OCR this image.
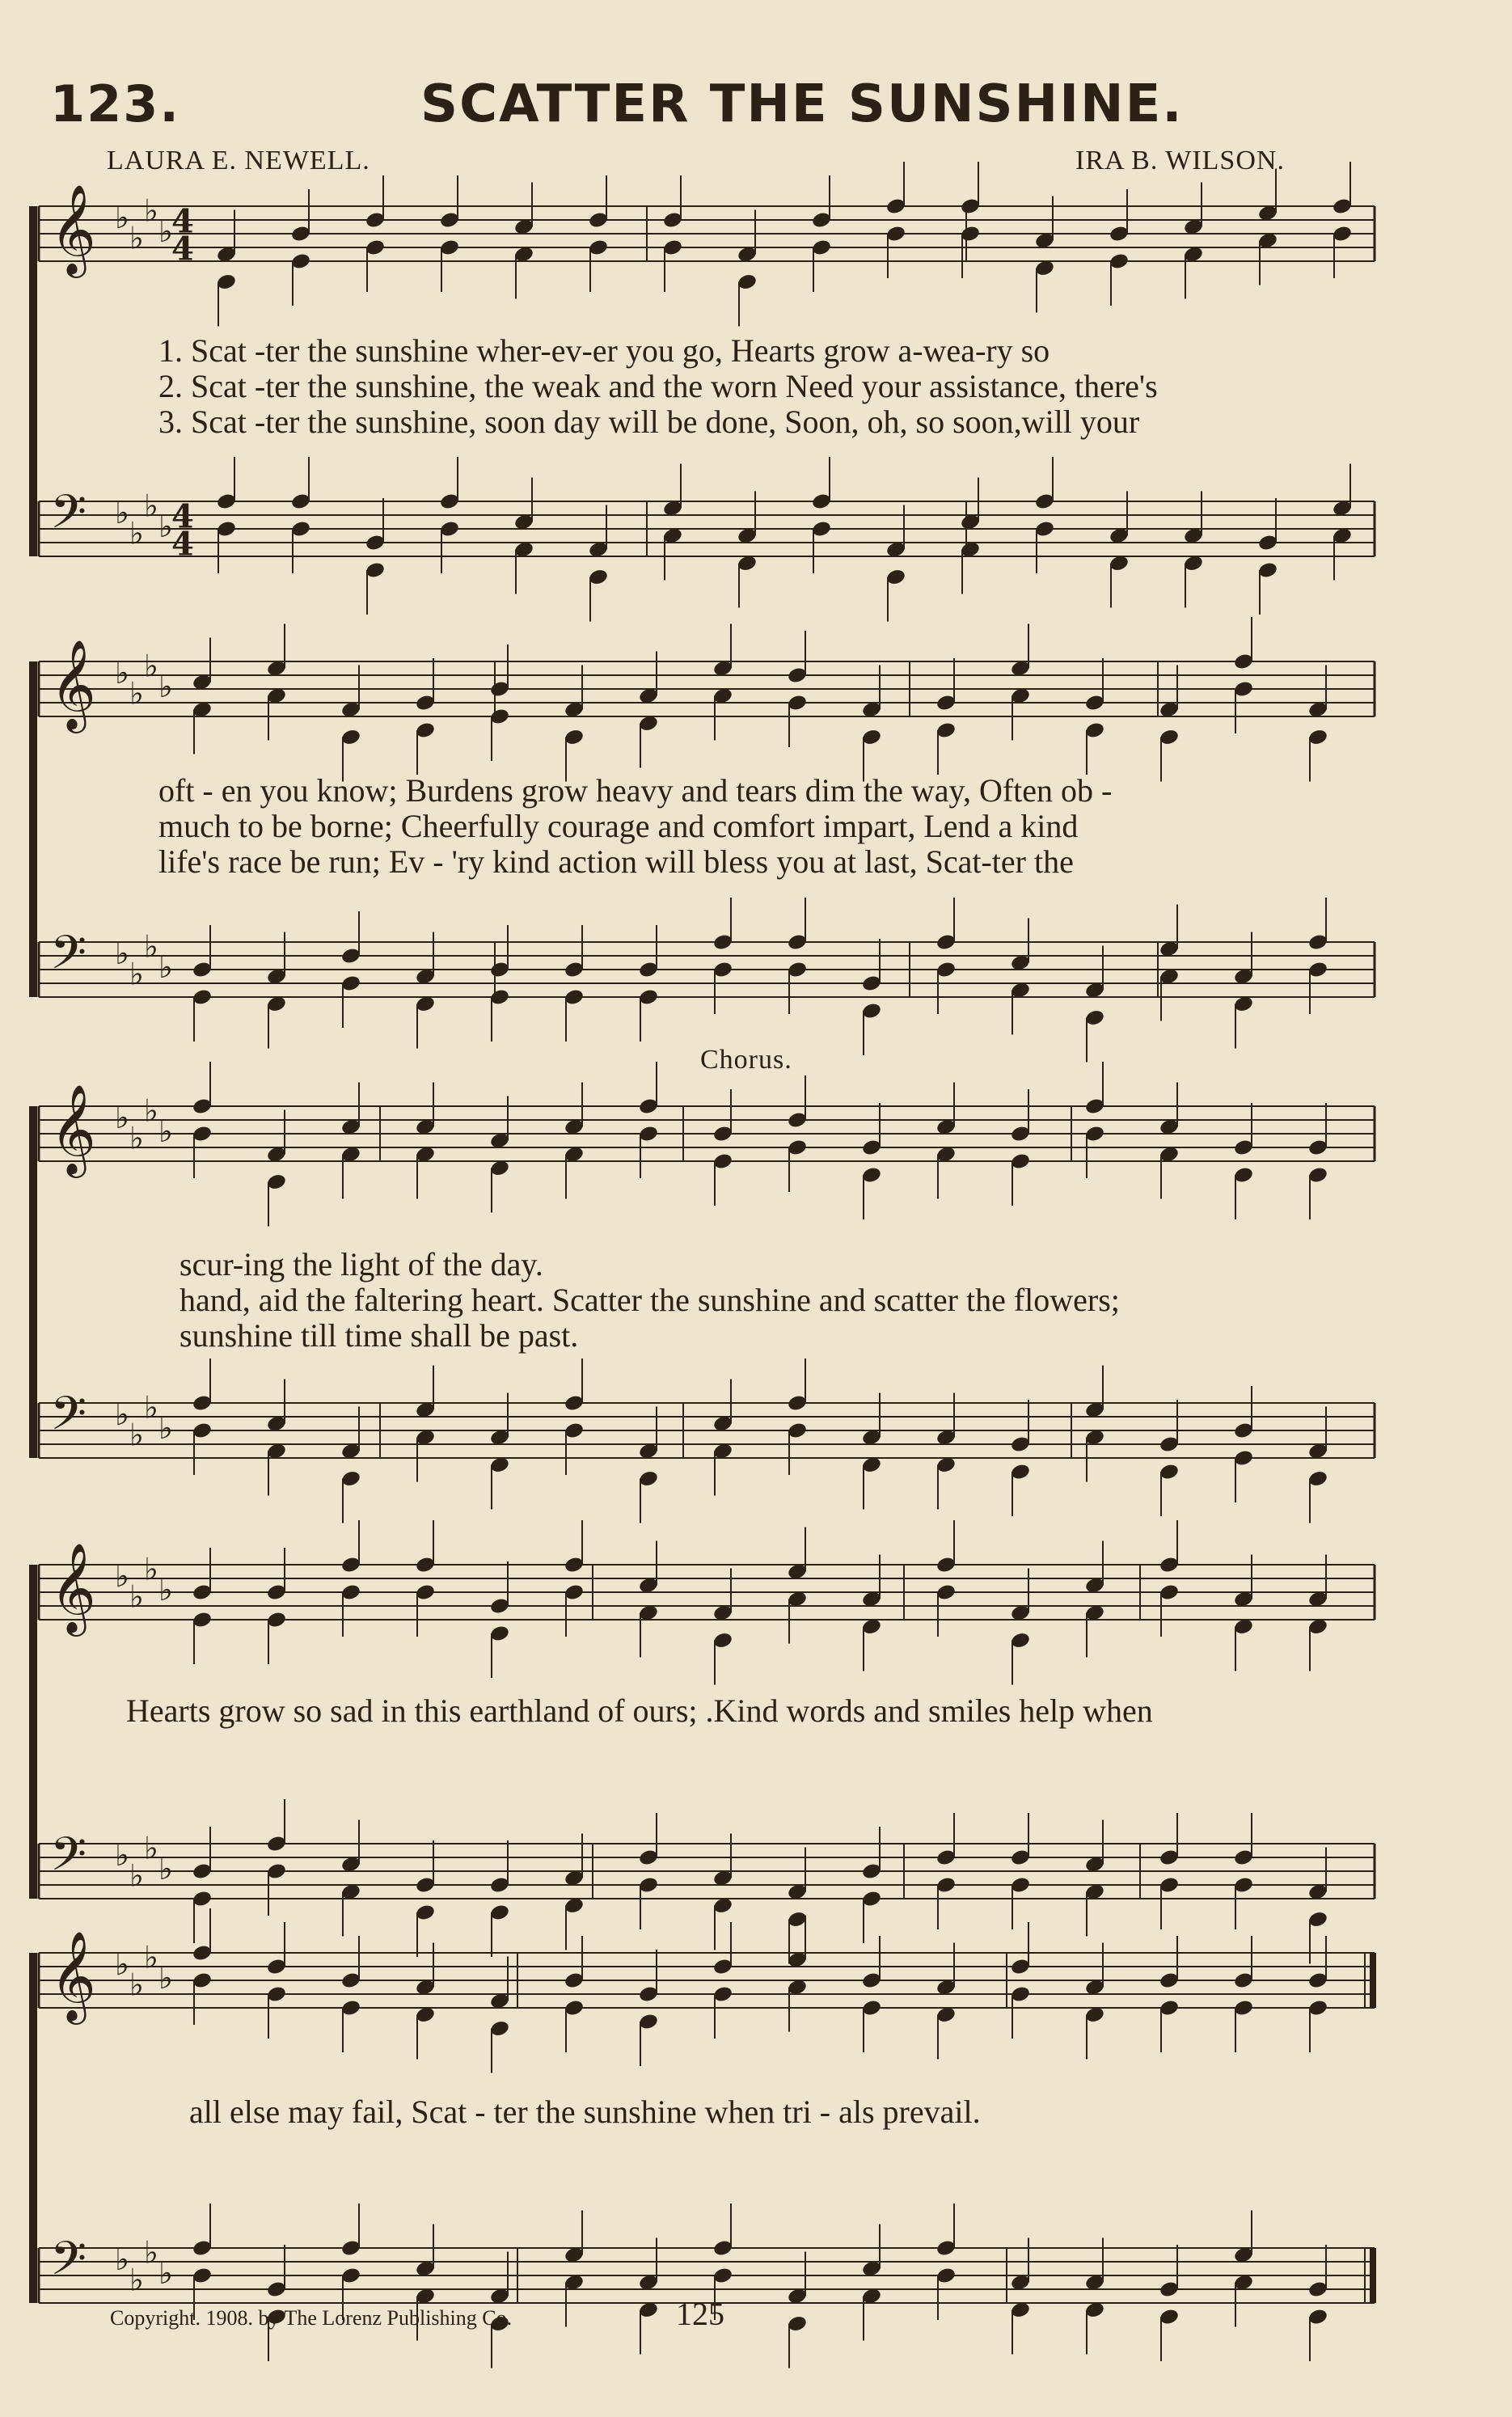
123.	SCATTER THE SUNSHINE.
LAURA E. NEWELL.	IRA B. WILSON.
𝄞 ♭
♭
♭
♭
4
4
𝄢 ♭
♭
♭
♭
4
4
𝄞 ♭
♭
♭
♭
𝄢 ♭
♭
♭
♭
𝄞 ♭
♭
♭
♭
𝄢 ♭
♭
♭
♭
𝄞 ♭
♭
♭
♭
𝄢 ♭
♭
♭
♭
𝄞 ♭
♭
♭
♭
𝄢 ♭
♭
♭
♭
1. Scat -ter the sunshine wher-ev-er you go, Hearts grow a-wea-ry so
2. Scat -ter the sunshine, the weak and the worn Need your assistance, there's
3. Scat -ter the sunshine, soon day will be done, Soon, oh, so soon,will your
oft - en you know; Burdens grow heavy and tears dim the way, Often ob -
much to be borne; Cheerfully courage and comfort impart, Lend a kind
life's race be run; Ev - 'ry kind action will bless you at last, Scat-ter the
Chorus.
scur-ing the light of the day.
hand, aid the faltering heart. Scatter the sunshine and scatter the flowers;
sunshine till time shall be past.
Hearts grow so sad in this earthland of ours; .Kind words and smiles help when
all else may fail, Scat - ter the sunshine when tri - als prevail.
Copyright. 1908. by The Lorenz Publishing Co.	125
